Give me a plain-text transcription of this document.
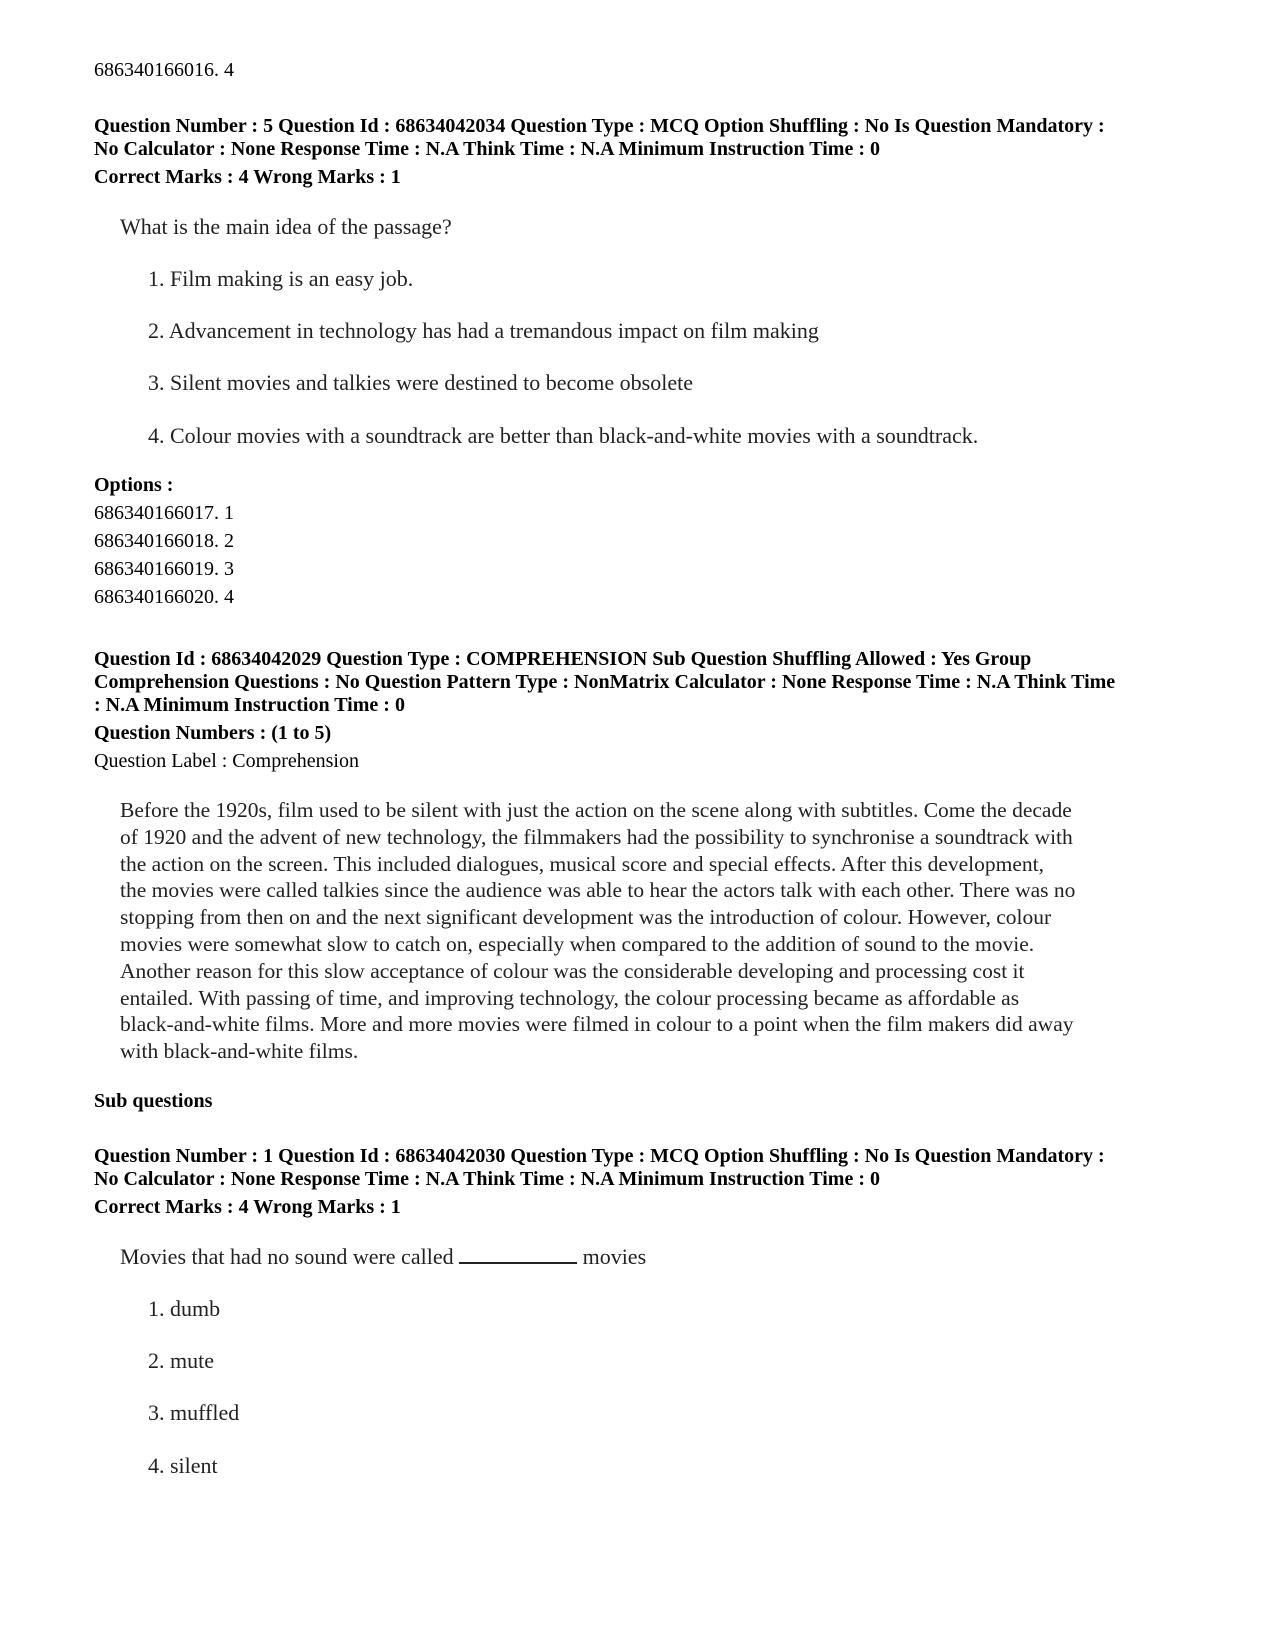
686340166016. 4

Question Number : 5 Question Id : 68634042034 Question Type : MCQ Option Shuffling : No Is Question Mandatory :

No Calculator : None Response Time : N.A Think Time : N.A Minimum Instruction Time : 0

Correct Marks : 4 Wrong Marks : 1

What is the main idea of the passage?

1. Film making is an easy job.

2. Advancement in technology has had a tremandous impact on film making

3. Silent movies and talkies were destined to become obsolete

4. Colour movies with a soundtrack are better than black-and-white movies with a soundtrack.

Options :

686340166017. 1

686340166018. 2

686340166019. 3

686340166020. 4

Question Id : 68634042029 Question Type : COMPREHENSION Sub Question Shuffling Allowed : Yes Group

Comprehension Questions : No Question Pattern Type : NonMatrix Calculator : None Response Time : N.A Think Time

: N.A Minimum Instruction Time : 0

Question Numbers : (1 to 5)

Question Label : Comprehension

Before the 1920s, film used to be silent with just the action on the scene along with subtitles. Come the decade

of 1920 and the advent of new technology, the filmmakers had the possibility to synchronise a soundtrack with

the action on the screen. This included dialogues, musical score and special effects. After this development,

the movies were called talkies since the audience was able to hear the actors talk with each other. There was no

stopping from then on and the next significant development was the introduction of colour. However, colour

movies were somewhat slow to catch on, especially when compared to the addition of sound to the movie.

Another reason for this slow acceptance of colour was the considerable developing and processing cost it

entailed. With passing of time, and improving technology, the colour processing became as affordable as

black-and-white films. More and more movies were filmed in colour to a point when the film makers did away

with black-and-white films.

Sub questions

Question Number : 1 Question Id : 68634042030 Question Type : MCQ Option Shuffling : No Is Question Mandatory :

No Calculator : None Response Time : N.A Think Time : N.A Minimum Instruction Time : 0

Correct Marks : 4 Wrong Marks : 1

Movies that had no sound were called	movies

1. dumb

2. mute

3. muffled

4. silent
